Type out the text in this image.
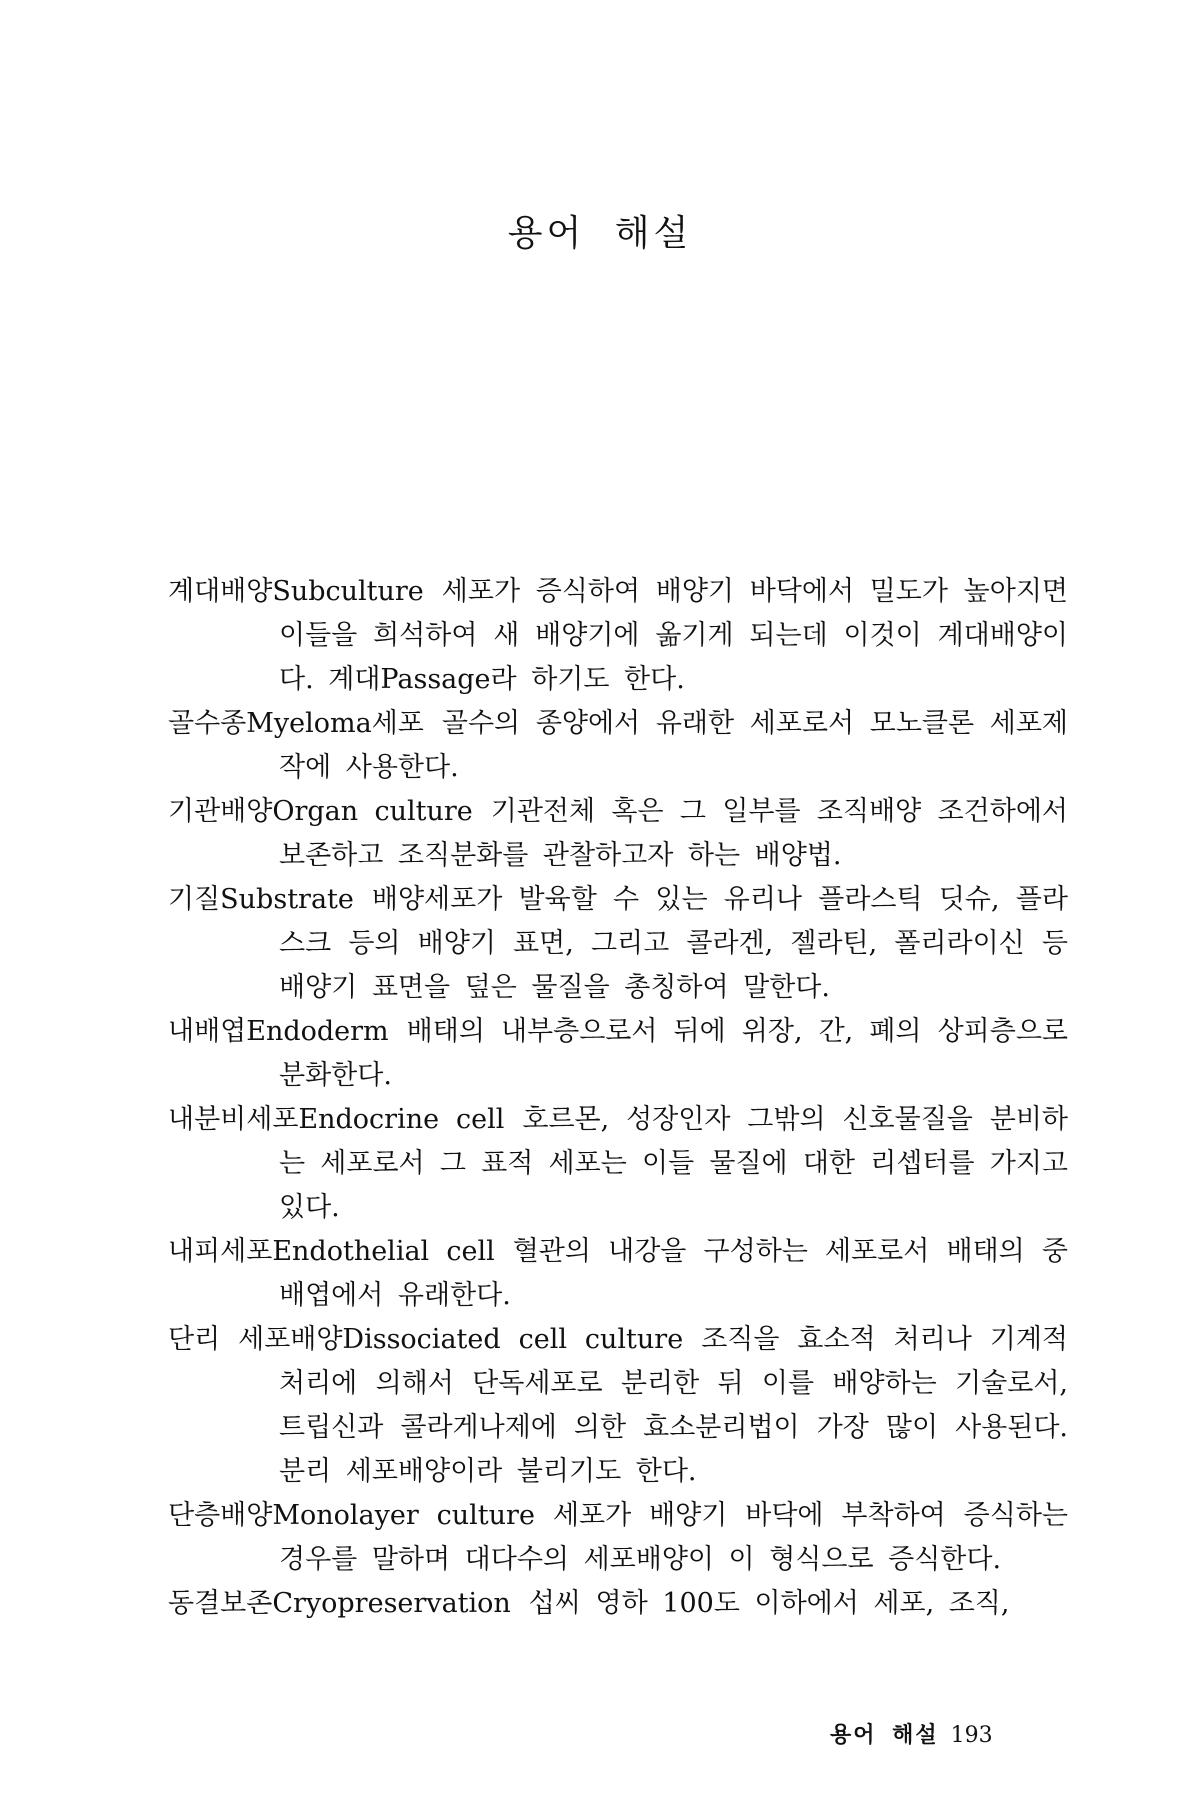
용어 해설

계대배양Subculture 세포가 증식하여 배양기 바닥에서 밀도가 높아지면 이들을 희석하여 새 배양기에 옮기게 되는데 이것이 계대배양이다. 계대Passage라 하기도 한다.

골수종Myeloma세포 골수의 종양에서 유래한 세포로서 모노클론 세포제작에 사용한다.

기관배양Organ culture 기관전체 혹은 그 일부를 조직배양 조건하에서 보존하고 조직분화를 관찰하고자 하는 배양법.

기질Substrate 배양세포가 발육할 수 있는 유리나 플라스틱 딧슈, 플라스크 등의 배양기 표면, 그리고 콜라겐, 젤라틴, 폴리라이신 등 배양기 표면을 덮은 물질을 총칭하여 말한다.

내배엽Endoderm 배태의 내부층으로서 뒤에 위장, 간, 폐의 상피층으로 분화한다.

내분비세포Endocrine cell 호르몬, 성장인자 그밖의 신호물질을 분비하는 세포로서 그 표적 세포는 이들 물질에 대한 리셉터를 가지고 있다.

내피세포Endothelial cell 혈관의 내강을 구성하는 세포로서 배태의 중배엽에서 유래한다.

단리 세포배양Dissociated cell culture 조직을 효소적 처리나 기계적 처리에 의해서 단독세포로 분리한 뒤 이를 배양하는 기술로서, 트립신과 콜라게나제에 의한 효소분리법이 가장 많이 사용된다. 분리 세포배양이라 불리기도 한다.

단층배양Monolayer culture 세포가 배양기 바닥에 부착하여 증식하는 경우를 말하며 대다수의 세포배양이 이 형식으로 증식한다.

동결보존Cryopreservation 섭씨 영하 100도 이하에서 세포, 조직,

용어 해설 193
